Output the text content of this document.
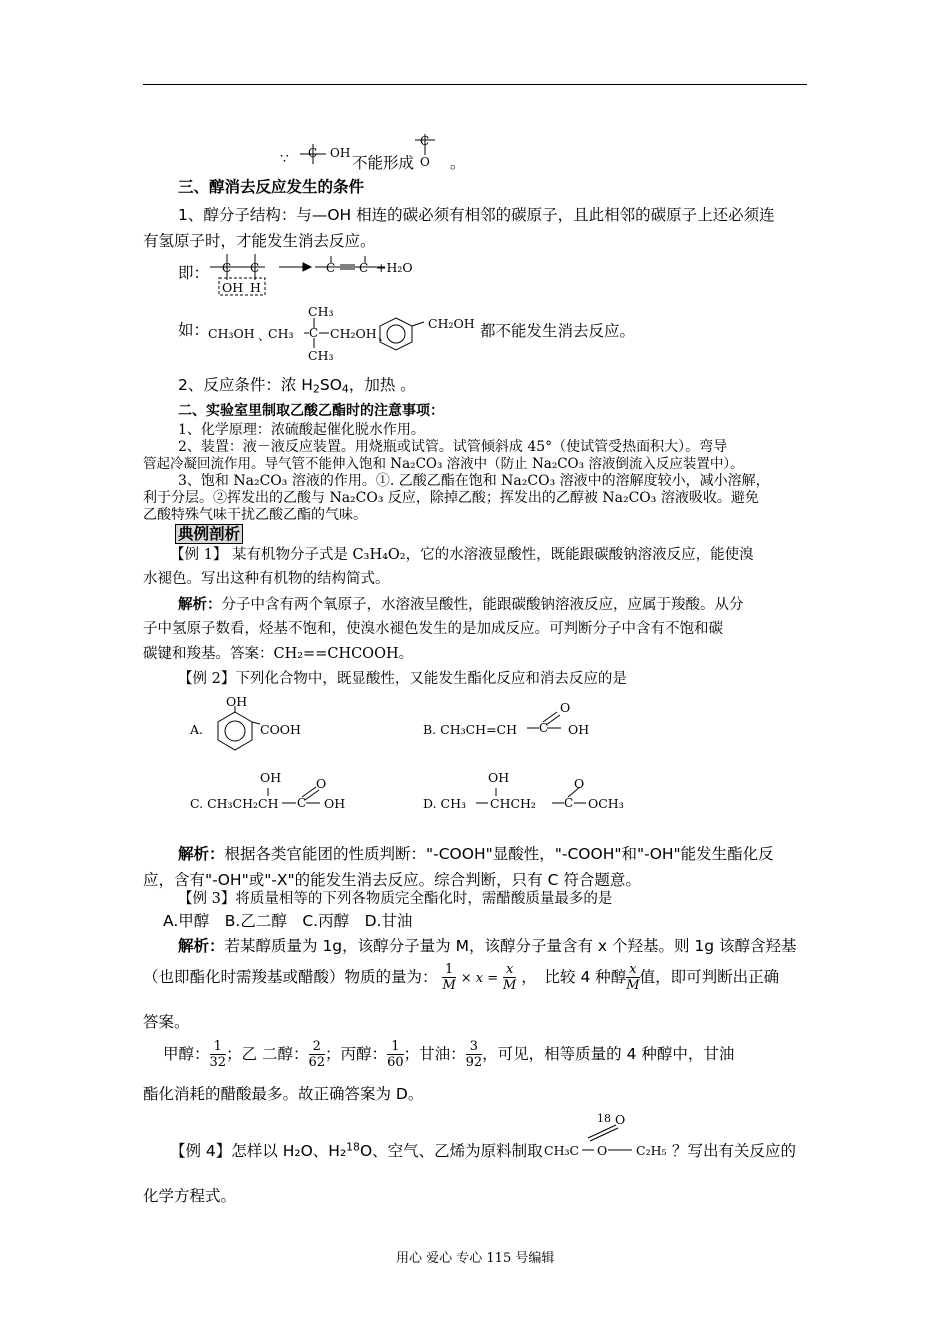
∵ C OH
不能形成
C
O 。
三、醇消去反应发生的条件
1、醇分子结构：与—OH 相连的碳必须有相邻的碳原子，且此相邻的碳原子上还必须连
有氢原子时，才能发生消去反应。
即： C C	C C
OH H
+H₂O
如：
CH₃OH 、
CH₃
CH₃
CH₃
CH₂OH 、
C
CH₂OH 都不能发生消去反应。
2、反应条件：浓 $H_2SO_4$，加热 。
二、实验室里制取乙酸乙酯时的注意事项：
1、化学原理：浓硫酸起催化脱水作用。
2、装置：液－液反应装置。用烧瓶或试管。试管倾斜成 45°（使试管受热面积大）。弯导
管起冷凝回流作用。导气管不能伸入饱和 Na₂CO₃ 溶液中（防止 Na₂CO₃ 溶液倒流入反应装置中）。
3、饱和 Na₂CO₃ 溶液的作用。①. 乙酸乙酯在饱和 Na₂CO₃ 溶液中的溶解度较小，减小溶解，
利于分层。②挥发出的乙酸与 Na₂CO₃ 反应，除掉乙酸；挥发出的乙醇被 Na₂CO₃ 溶液吸收。避免
乙酸特殊气味干扰乙酸乙酯的气味。
典例剖析
【例 1】 某有机物分子式是 C₃H₄O₂，它的水溶液显酸性，既能跟碳酸钠溶液反应，能使溴
水褪色。写出这种有机物的结构简式。
解析：分子中含有两个氧原子，水溶液呈酸性，能跟碳酸钠溶液反应，应属于羧酸。从分
子中氢原子数看，烃基不饱和，使溴水褪色发生的是加成反应。可判断分子中含有不饱和碳
碳键和羧基。答案：CH₂==CHCOOH。
【例 2】下列化合物中，既显酸性，又能发生酯化反应和消去反应的是
A.
OH
COOH	B. CH₃CH=CH C
O
OH
OH
C. CH₃CH₂CH C
O
OH
OH
D. CH₃	C
CHCH₂
O
OCH₃
解析：根据各类官能团的性质判断："-COOH"显酸性，"-COOH"和"-OH"能发生酯化反
应，含有"-OH"或"-X"的能发生消去反应。综合判断，只有 C 符合题意。
【例 3】将质量相等的下列各物质完全酯化时，需醋酸质量最多的是
A.甲醇　B.乙二醇　C.丙醇　D.甘油
解析：若某醇质量为 1g，该醇分子量为 M，该醇分子量含有 x 个羟基。则 1g 该醇含羟基
（也即酯化时需羧基或醋酸）物质的量为： $\frac{1}{M} \times x = \frac{x}{M}$ ，　比较 4 种醇 $\frac{x}{M}$ 值，即可判断出正确
答案。
甲醇： $\frac{1}{32}$ ；乙 二醇： $\frac{2}{62}$ ；丙醇： $\frac{1}{60}$ ；甘油： $\frac{3}{92}$ ，可见，相等质量的 4 种醇中，甘油
酯化消耗的醋酸最多。故正确答案为 D。
【例 4】怎样以 H₂O、H₂$^{18}$O、空气、乙烯为原料制取 CH₃C
18 O
O C₂H₅ ？写出有关反应的
化学方程式。
用心 爱心 专心 115 号编辑
